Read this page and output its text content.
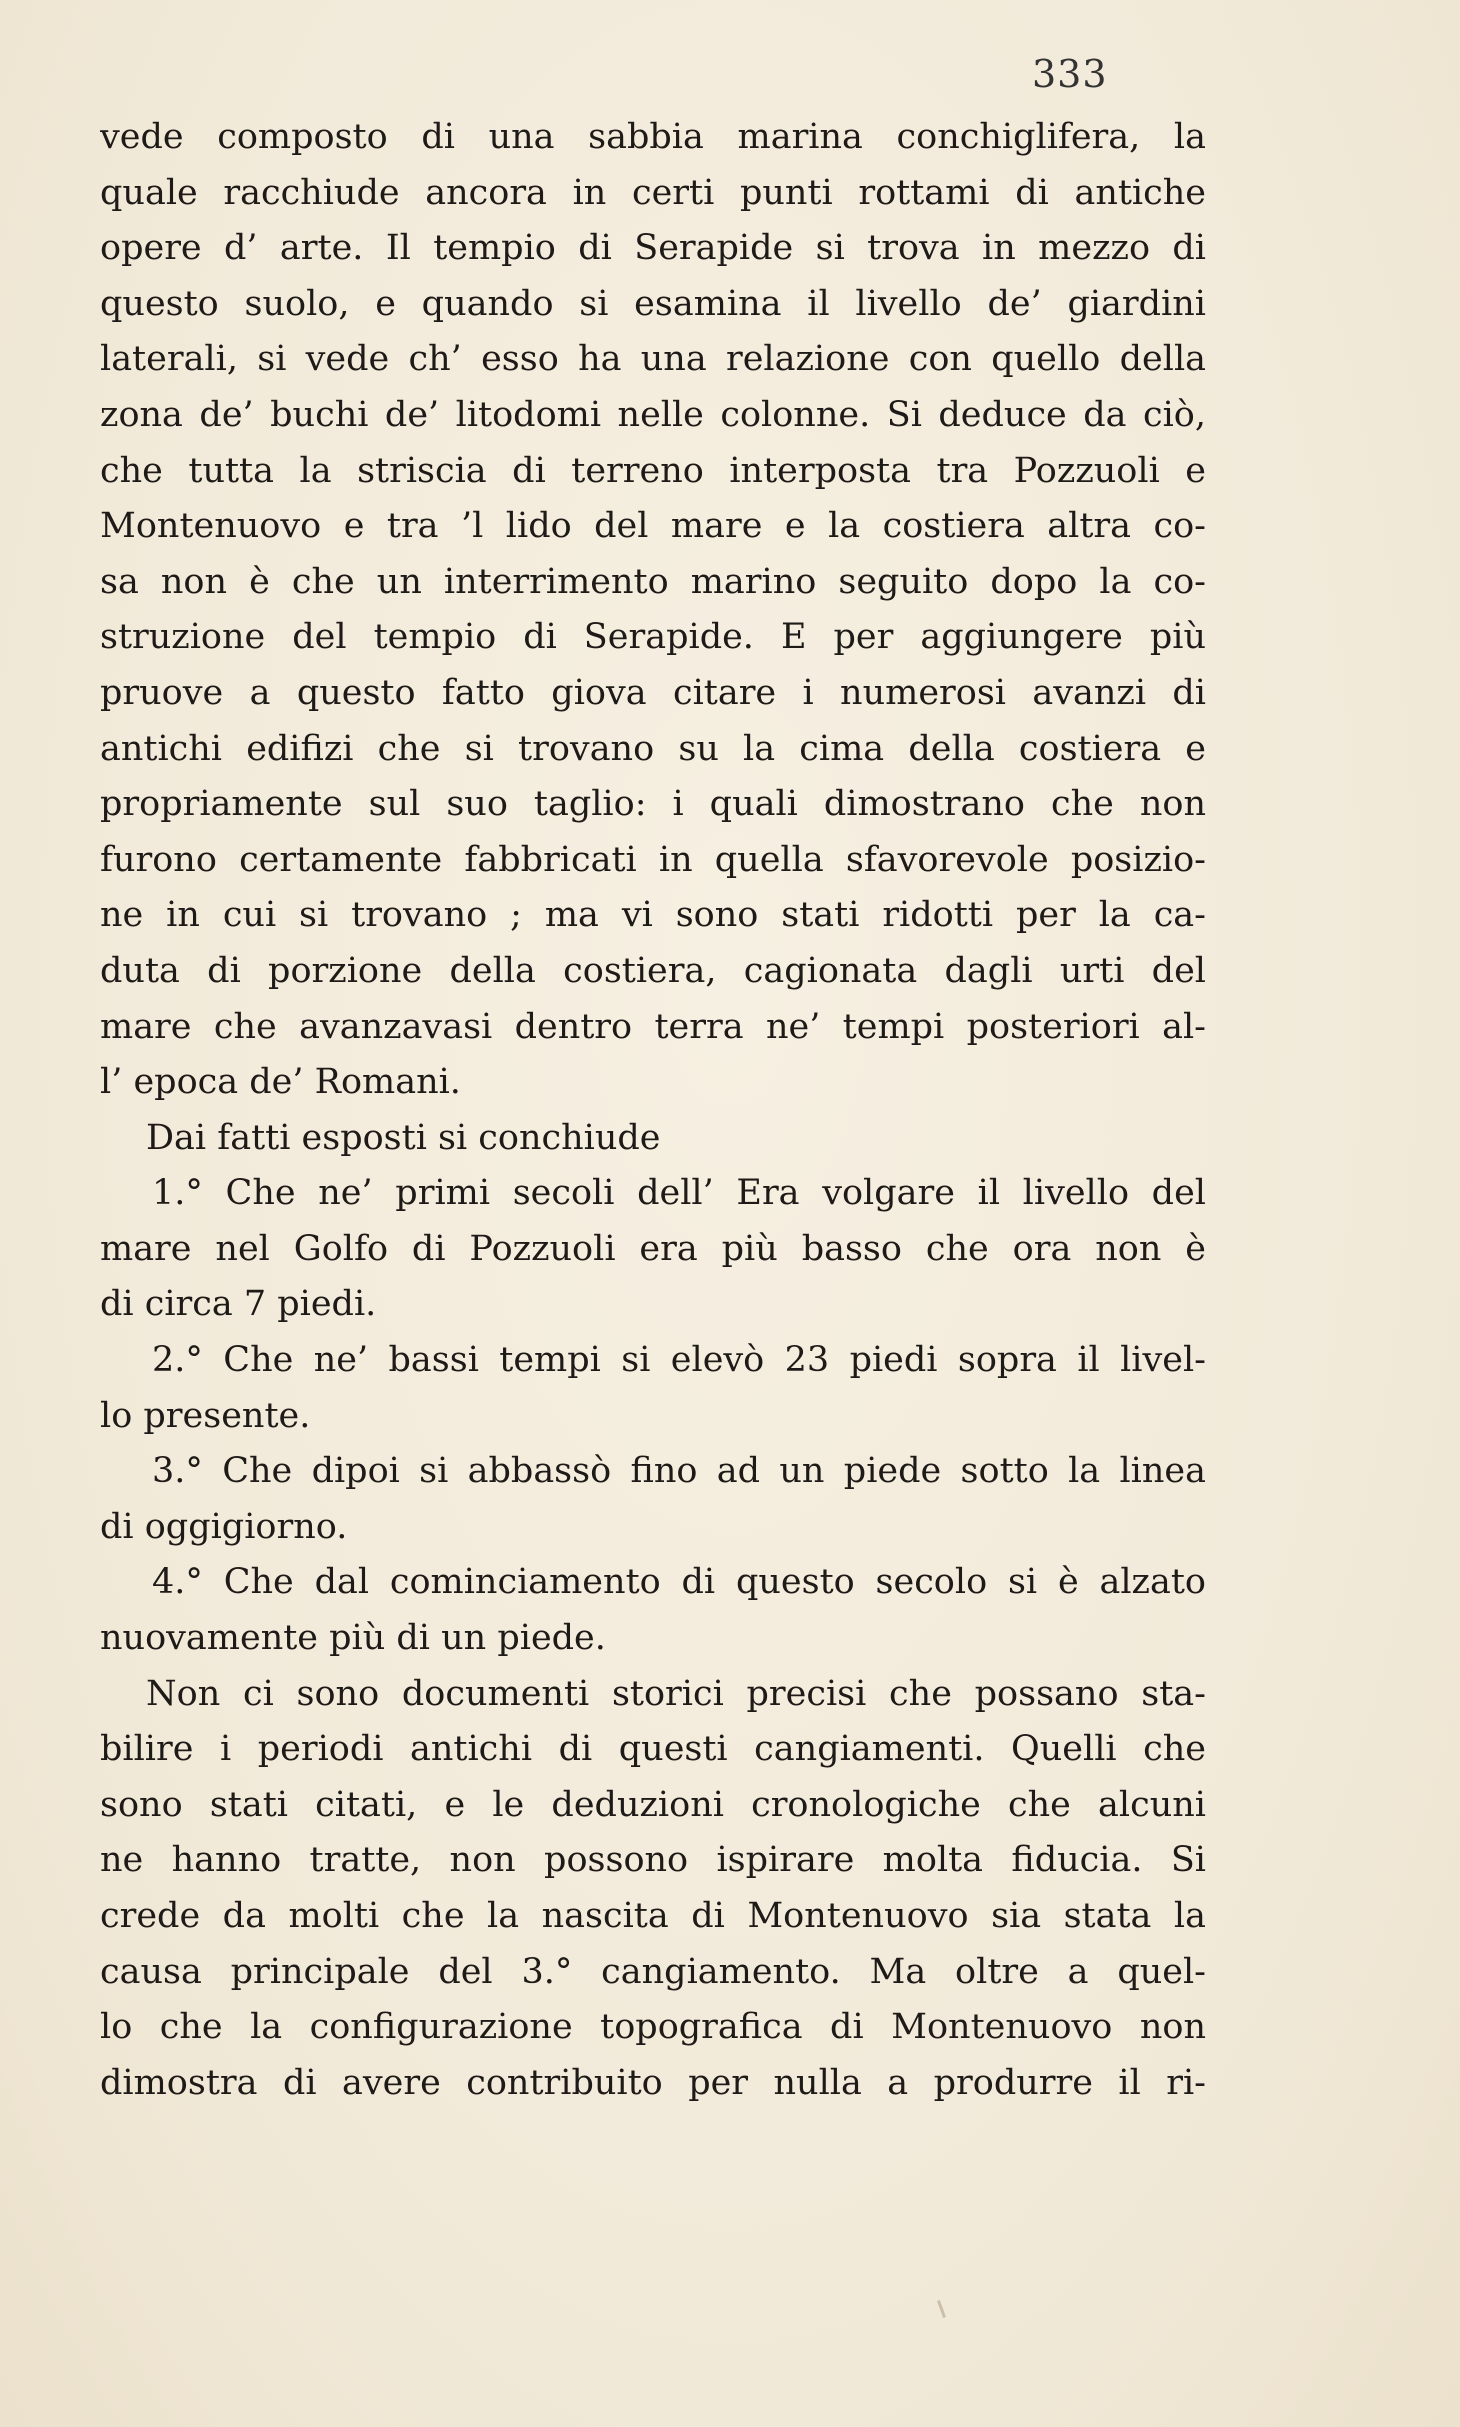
333
vede composto di una sabbia marina conchiglifera, la
quale racchiude ancora in certi punti rottami di antiche
opere d’ arte. Il tempio di Serapide si trova in mezzo di
questo suolo, e quando si esamina il livello de’ giardini
laterali, si vede ch’ esso ha una relazione con quello della
zona de’ buchi de’ litodomi nelle colonne. Si deduce da ciò,
che tutta la striscia di terreno interposta tra Pozzuoli e
Montenuovo e tra ’l lido del mare e la costiera altra co-
sa non è che un interrimento marino seguito dopo la co-
struzione del tempio di Serapide. E per aggiungere più
pruove a questo fatto giova citare i numerosi avanzi di
antichi edifizi che si trovano su la cima della costiera e
propriamente sul suo taglio: i quali dimostrano che non
furono certamente fabbricati in quella sfavorevole posizio-
ne in cui si trovano ; ma vi sono stati ridotti per la ca-
duta di porzione della costiera, cagionata dagli urti del
mare che avanzavasi dentro terra ne’ tempi posteriori al-
l’ epoca de’ Romani.
Dai fatti esposti si conchiude
1.° Che ne’ primi secoli dell’ Era volgare il livello del
mare nel Golfo di Pozzuoli era più basso che ora non è
di circa 7 piedi.
2.° Che ne’ bassi tempi si elevò 23 piedi sopra il livel-
lo presente.
3.° Che dipoi si abbassò fino ad un piede sotto la linea
di oggigiorno.
4.° Che dal cominciamento di questo secolo si è alzato
nuovamente più di un piede.
Non ci sono documenti storici precisi che possano sta-
bilire i periodi antichi di questi cangiamenti. Quelli che
sono stati citati, e le deduzioni cronologiche che alcuni
ne hanno tratte, non possono ispirare molta fiducia. Si
crede da molti che la nascita di Montenuovo sia stata la
causa principale del 3.° cangiamento. Ma oltre a quel-
lo che la configurazione topografica di Montenuovo non
dimostra di avere contribuito per nulla a produrre il ri-
